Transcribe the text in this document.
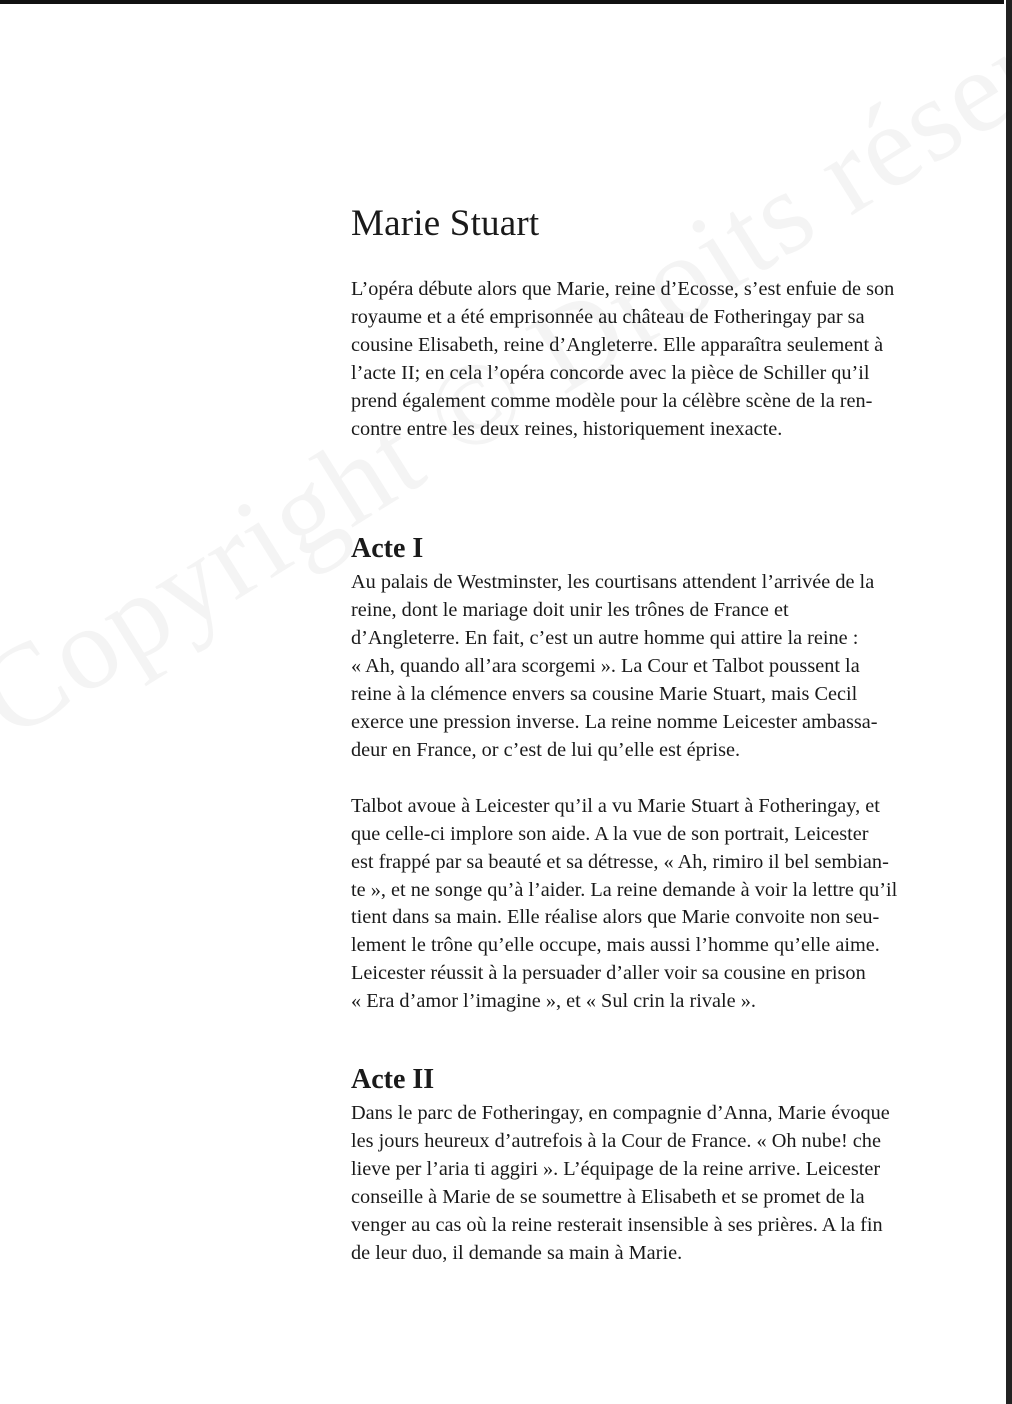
Marie Stuart

L’opéra débute alors que Marie, reine d’Ecosse, s’est enfuie de son
royaume et a été emprisonnée au château de Fotheringay par sa
cousine Elisabeth, reine d’Angleterre. Elle apparaîtra seulement à
l’acte II; en cela l’opéra concorde avec la pièce de Schiller qu’il
prend également comme modèle pour la célèbre scène de la ren-
contre entre les deux reines, historiquement inexacte.

Acte I

Au palais de Westminster, les courtisans attendent l’arrivée de la
reine, dont le mariage doit unir les trônes de France et
d’Angleterre. En fait, c’est un autre homme qui attire la reine :
« Ah, quando all’ara scorgemi ». La Cour et Talbot poussent la
reine à la clémence envers sa cousine Marie Stuart, mais Cecil
exerce une pression inverse. La reine nomme Leicester ambassa-
deur en France, or c’est de lui qu’elle est éprise.

Talbot avoue à Leicester qu’il a vu Marie Stuart à Fotheringay, et
que celle-ci implore son aide. A la vue de son portrait, Leicester
est frappé par sa beauté et sa détresse, « Ah, rimiro il bel sembian-
te », et ne songe qu’à l’aider. La reine demande à voir la lettre qu’il
tient dans sa main. Elle réalise alors que Marie convoite non seu-
lement le trône qu’elle occupe, mais aussi l’homme qu’elle aime.
Leicester réussit à la persuader d’aller voir sa cousine en prison
« Era d’amor l’imagine », et « Sul crin la rivale ».

Acte II

Dans le parc de Fotheringay, en compagnie d’Anna, Marie évoque
les jours heureux d’autrefois à la Cour de France. « Oh nube! che
lieve per l’aria ti aggiri ». L’équipage de la reine arrive. Leicester
conseille à Marie de se soumettre à Elisabeth et se promet de la
venger au cas où la reine resterait insensible à ses prières. A la fin
de leur duo, il demande sa main à Marie.
